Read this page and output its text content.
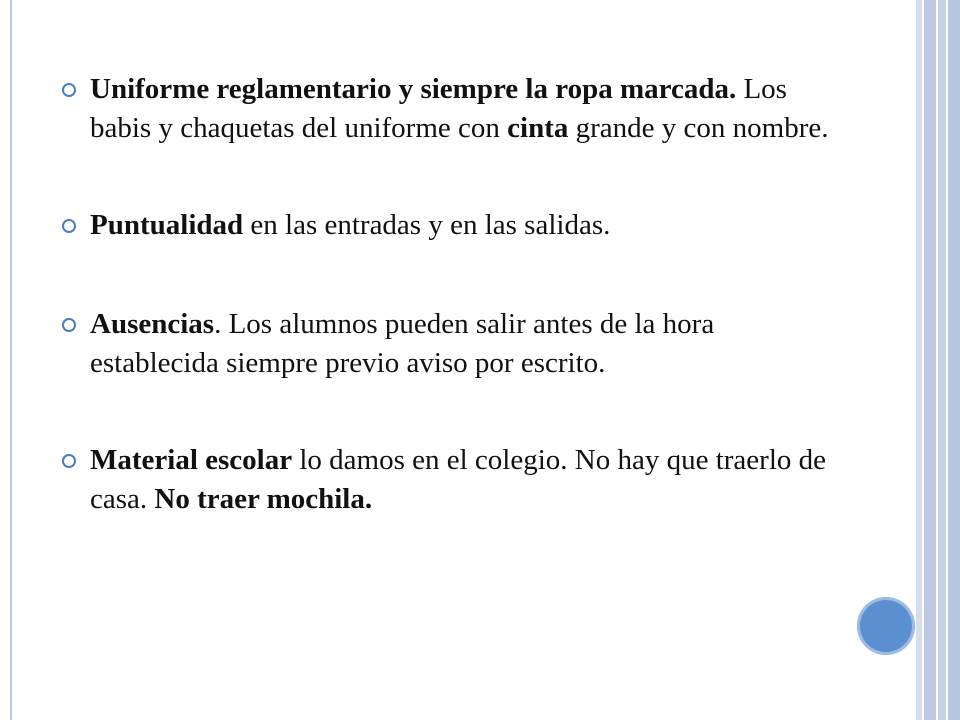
Uniforme reglamentario y siempre la ropa marcada. Los babis y chaquetas del uniforme con cinta grande y con nombre.
Puntualidad en las entradas y en las salidas.
Ausencias. Los alumnos pueden salir antes de la hora establecida siempre previo aviso por escrito.
Material escolar lo damos en el colegio. No hay que traerlo de casa. No traer mochila.
